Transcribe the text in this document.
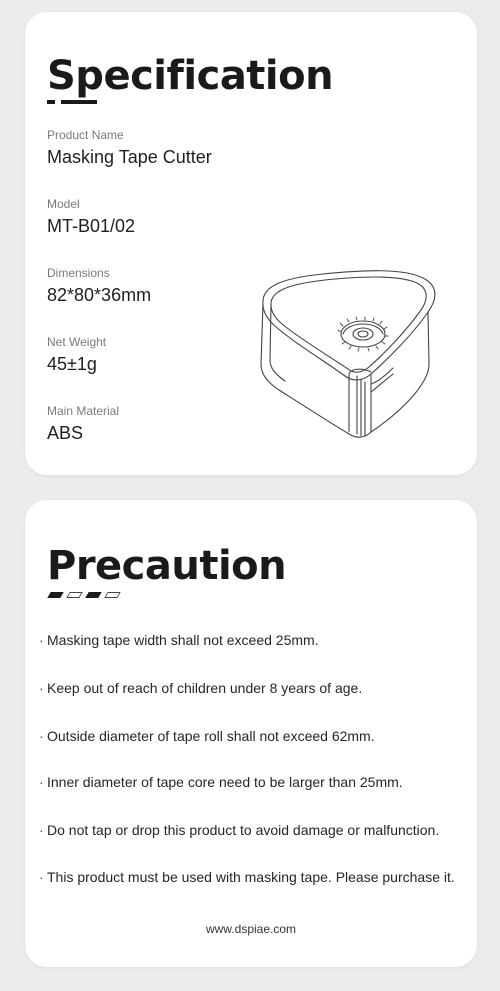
Specification
Product Name
Masking Tape Cutter
Model
MT-B01/02
Dimensions
82*80*36mm
Net Weight
45±1g
Main Material
ABS
Precaution
· Masking tape width shall not exceed 25mm.
· Keep out of reach of children under 8 years of age.
· Outside diameter of tape roll shall not exceed 62mm.
· Inner diameter of tape core need to be larger than 25mm.
· Do not tap or drop this product to avoid damage or malfunction.
· This product must be used with masking tape. Please purchase it.
www.dspiae.com
